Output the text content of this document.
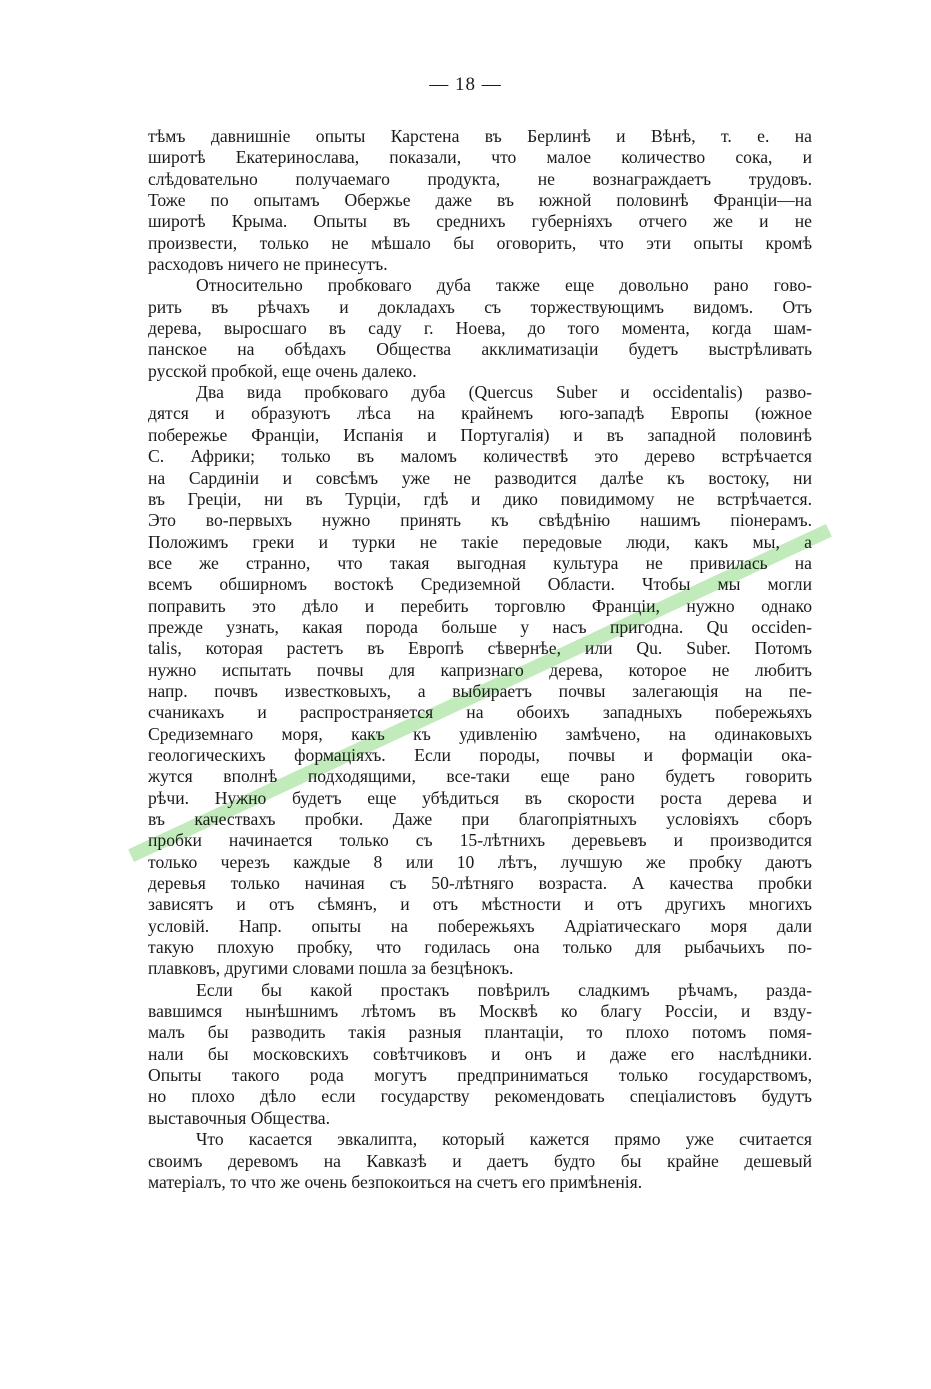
— 18 —
тѣмъ давнишніе опыты Карстена въ Берлинѣ и Вѣнѣ, т. е. на
широтѣ Екатеринослава, показали, что малое количество сока, и
слѣдовательно получаемаго продукта, не вознаграждаетъ трудовъ.
Тоже по опытамъ Обержье даже въ южной половинѣ Франціи—на
широтѣ Крыма. Опыты въ среднихъ губерніяхъ отчего же и не
произвести, только не мѣшало бы оговорить, что эти опыты кромѣ
расходовъ ничего не принесутъ.
Относительно пробковаго дуба также еще довольно рано гово-
рить въ рѣчахъ и докладахъ съ торжествующимъ видомъ. Отъ
дерева, выросшаго въ саду г. Ноева, до того момента, когда шам-
панское на обѣдахъ Общества акклиматизаціи будетъ выстрѣливать
русской пробкой, еще очень далеко.
Два вида пробковаго дуба (Quercus Suber и occidentalis) разво-
дятся и образуютъ лѣса на крайнемъ юго-западѣ Европы (южное
побережье Франціи, Испанія и Португалія) и въ западной половинѣ
С. Африки; только въ маломъ количествѣ это дерево встрѣчается
на Сардиніи и совсѣмъ уже не разводится далѣе къ востоку, ни
въ Греціи, ни въ Турціи, гдѣ и дико повидимому не встрѣчается.
Это во-первыхъ нужно принять къ свѣдѣнію нашимъ піонерамъ.
Положимъ греки и турки не такіе передовые люди, какъ мы, а
все же странно, что такая выгодная культура не привилась на
всемъ обширномъ востокѣ Средиземной Области. Чтобы мы могли
поправить это дѣло и перебить торговлю Франціи, нужно однако
прежде узнать, какая порода больше у насъ пригодна. Qu occiden-
talis, которая растетъ въ Европѣ сѣвернѣе, или Qu. Suber. Потомъ
нужно испытать почвы для капризнаго дерева, которое не любитъ
напр. почвъ известковыхъ, а выбираетъ почвы залегающія на пе-
счаникахъ и распространяется на обоихъ западныхъ побережьяхъ
Средиземнаго моря, какъ къ удивленію замѣчено, на одинаковыхъ
геологическихъ формаціяхъ. Если породы, почвы и формаціи ока-
жутся вполнѣ подходящими, все-таки еще рано будетъ говорить
рѣчи. Нужно будетъ еще убѣдиться въ скорости роста дерева и
въ качествахъ пробки. Даже при благопріятныхъ условіяхъ сборъ
пробки начинается только съ 15-лѣтнихъ деревьевъ и производится
только черезъ каждые 8 или 10 лѣтъ, лучшую же пробку даютъ
деревья только начиная съ 50-лѣтняго возраста. А качества пробки
зависятъ и отъ сѣмянъ, и отъ мѣстности и отъ другихъ многихъ
условій. Напр. опыты на побережьяхъ Адріатическаго моря дали
такую плохую пробку, что годилась она только для рыбачьихъ по-
плавковъ, другими словами пошла за безцѣнокъ.
Если бы какой простакъ повѣрилъ сладкимъ рѣчамъ, разда-
вавшимся нынѣшнимъ лѣтомъ въ Москвѣ ко благу Россіи, и взду-
малъ бы разводить такія разныя плантаціи, то плохо потомъ помя-
нали бы московскихъ совѣтчиковъ и онъ и даже его наслѣдники.
Опыты такого рода могутъ предприниматься только государствомъ,
но плохо дѣло если государству рекомендовать спеціалистовъ будутъ
выставочныя Общества.
Что касается эвкалипта, который кажется прямо уже считается
своимъ деревомъ на Кавказѣ и даетъ будто бы крайне дешевый
матеріалъ, то что же очень безпокоиться на счетъ его примѣненія.
